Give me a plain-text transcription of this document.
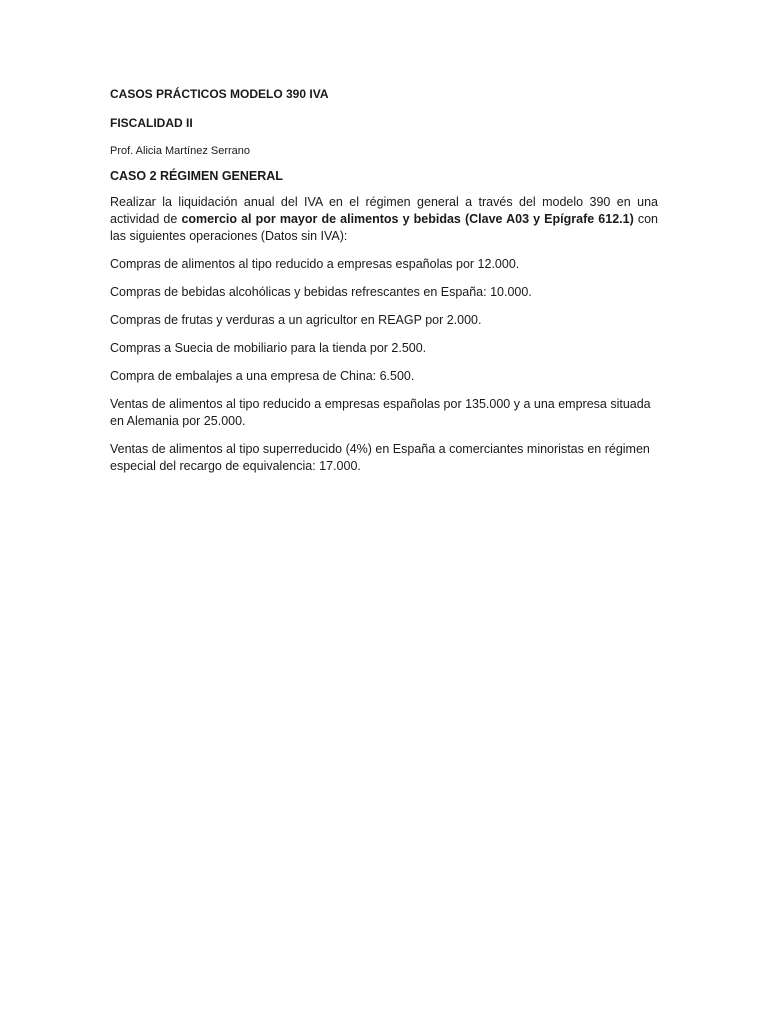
CASOS PRÁCTICOS MODELO 390 IVA

FISCALIDAD II

Prof. Alicia Martínez Serrano

CASO 2 RÉGIMEN GENERAL

Realizar la liquidación anual del IVA en el régimen general a través del modelo 390 en una actividad de comercio al por mayor de alimentos y bebidas (Clave A03 y Epígrafe 612.1) con las siguientes operaciones (Datos sin IVA):

Compras de alimentos al tipo reducido a empresas españolas por 12.000.

Compras de bebidas alcohólicas y bebidas refrescantes en España: 10.000.

Compras de frutas y verduras a un agricultor en REAGP por 2.000.

Compras a Suecia de mobiliario para la tienda por 2.500.

Compra de embalajes a una empresa de China: 6.500.

Ventas de alimentos al tipo reducido a empresas españolas por 135.000 y a una empresa situada en Alemania por 25.000.

Ventas de alimentos al tipo superreducido (4%) en España a comerciantes minoristas en régimen especial del recargo de equivalencia: 17.000.
